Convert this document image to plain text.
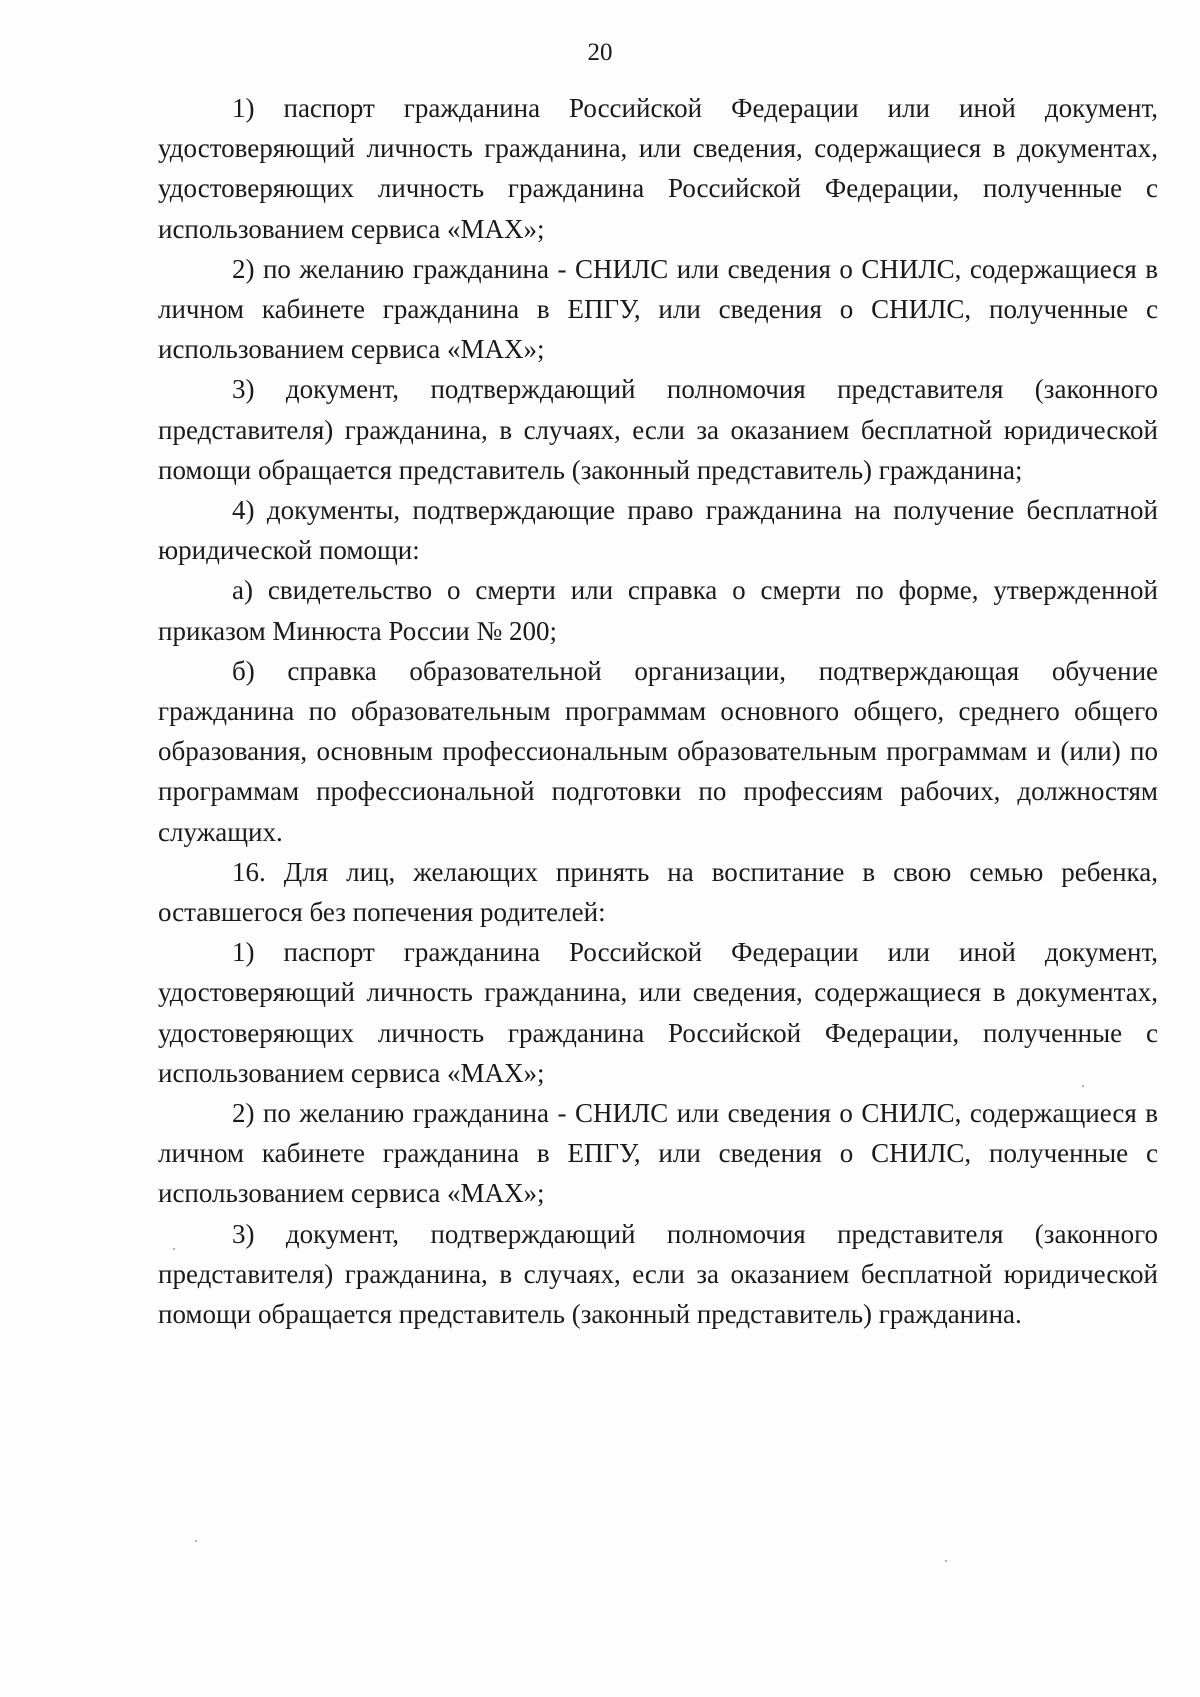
20

1) паспорт гражданина Российской Федерации или иной документ, удостоверяющий личность гражданина, или сведения, содержащиеся в документах, удостоверяющих личность гражданина Российской Федерации, полученные с использованием сервиса «МАХ»;

2) по желанию гражданина - СНИЛС или сведения о СНИЛС, содержащиеся в личном кабинете гражданина в ЕПГУ, или сведения о СНИЛС, полученные с использованием сервиса «МАХ»;

3) документ, подтверждающий полномочия представителя (законного представителя) гражданина, в случаях, если за оказанием бесплатной юридической помощи обращается представитель (законный представитель) гражданина;

4) документы, подтверждающие право гражданина на получение бесплатной юридической помощи:

а) свидетельство о смерти или справка о смерти по форме, утвержденной приказом Минюста России № 200;

б) справка образовательной организации, подтверждающая обучение гражданина по образовательным программам основного общего, среднего общего образования, основным профессиональным образовательным программам и (или) по программам профессиональной подготовки по профессиям рабочих, должностям служащих.

16. Для лиц, желающих принять на воспитание в свою семью ребенка, оставшегося без попечения родителей:

1) паспорт гражданина Российской Федерации или иной документ, удостоверяющий личность гражданина, или сведения, содержащиеся в документах, удостоверяющих личность гражданина Российской Федерации, полученные с использованием сервиса «МАХ»;

2) по желанию гражданина - СНИЛС или сведения о СНИЛС, содержащиеся в личном кабинете гражданина в ЕПГУ, или сведения о СНИЛС, полученные с использованием сервиса «МАХ»;

3) документ, подтверждающий полномочия представителя (законного представителя) гражданина, в случаях, если за оказанием бесплатной юридической помощи обращается представитель (законный представитель) гражданина.
